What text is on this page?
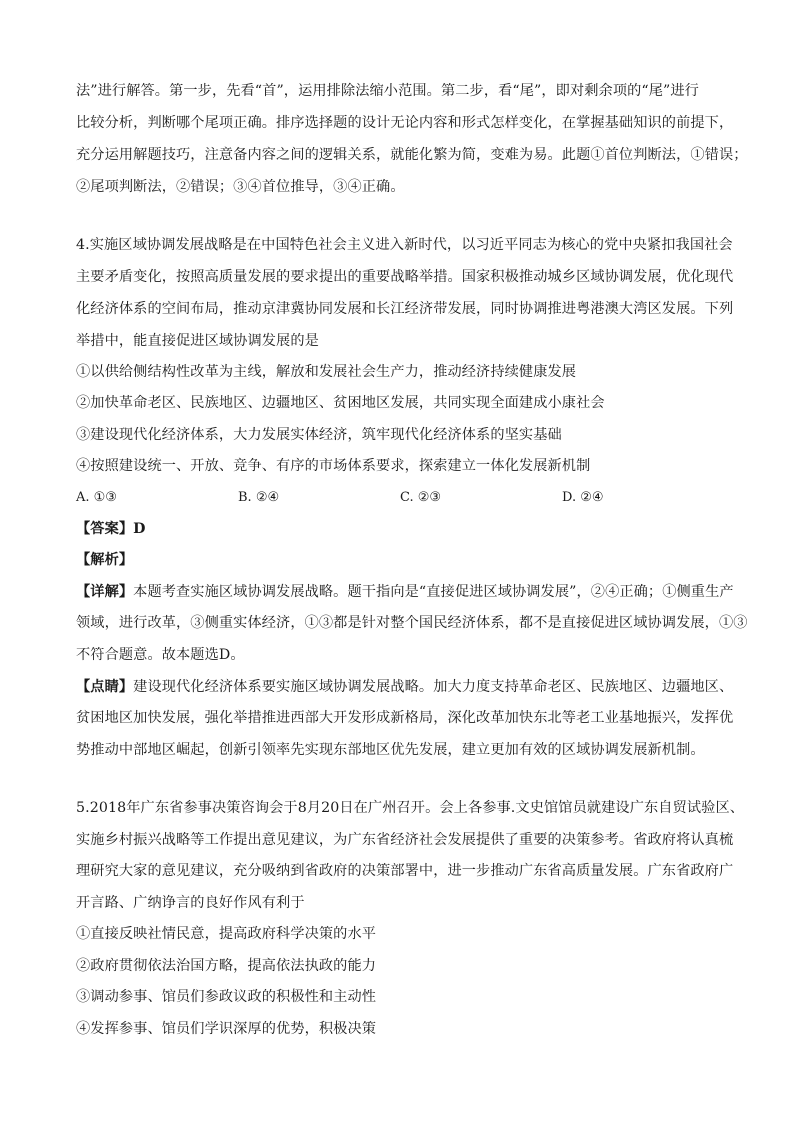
法”进行解答。第一步，先看“首”，运用排除法缩小范围。第二步，看“尾”，即对剩余项的“尾”进行
比较分析，判断哪个尾项正确。排序选择题的设计无论内容和形式怎样变化，在掌握基础知识的前提下，
充分运用解题技巧，注意备内容之间的逻辑关系，就能化繁为简，变难为易。此题①首位判断法，①错误；
②尾项判断法，②错误；③④首位推导，③④正确。
4.实施区域协调发展战略是在中国特色社会主义进入新时代，以习近平同志为核心的党中央紧扣我国社会
主要矛盾变化，按照高质量发展的要求提出的重要战略举措。国家积极推动城乡区域协调发展，优化现代
化经济体系的空间布局，推动京津冀协同发展和长江经济带发展，同时协调推进粤港澳大湾区发展。下列
举措中，能直接促进区域协调发展的是
①以供给侧结构性改革为主线，解放和发展社会生产力，推动经济持续健康发展
②加快革命老区、民族地区、边疆地区、贫困地区发展，共同实现全面建成小康社会
③建设现代化经济体系，大力发展实体经济，筑牢现代化经济体系的坚实基础
④按照建设统一、开放、竞争、有序的市场体系要求，探索建立一体化发展新机制
A. ①③	B. ②④	C. ②③	D. ②④
【答案】D
【解析】
【详解】本题考查实施区域协调发展战略。题干指向是“直接促进区域协调发展”，②④正确；①侧重生产
领域，进行改革，③侧重实体经济，①③都是针对整个国民经济体系，都不是直接促进区域协调发展，①③
不符合题意。故本题选D。
【点睛】建设现代化经济体系要实施区域协调发展战略。加大力度支持革命老区、民族地区、边疆地区、
贫困地区加快发展，强化举措推进西部大开发形成新格局，深化改革加快东北等老工业基地振兴，发挥优
势推动中部地区崛起，创新引领率先实现东部地区优先发展，建立更加有效的区域协调发展新机制。
5.2018年广东省参事决策咨询会于8月20日在广州召开。会上各参事.文史馆馆员就建设广东自贸试验区、
实施乡村振兴战略等工作提出意见建议，为广东省经济社会发展提供了重要的决策参考。省政府将认真梳
理研究大家的意见建议，充分吸纳到省政府的决策部署中，进一步推动广东省高质量发展。广东省政府广
开言路、广纳诤言的良好作风有利于
①直接反映社情民意，提高政府科学决策的水平
②政府贯彻依法治国方略，提高依法执政的能力
③调动参事、馆员们参政议政的积极性和主动性
④发挥参事、馆员们学识深厚的优势，积极决策
